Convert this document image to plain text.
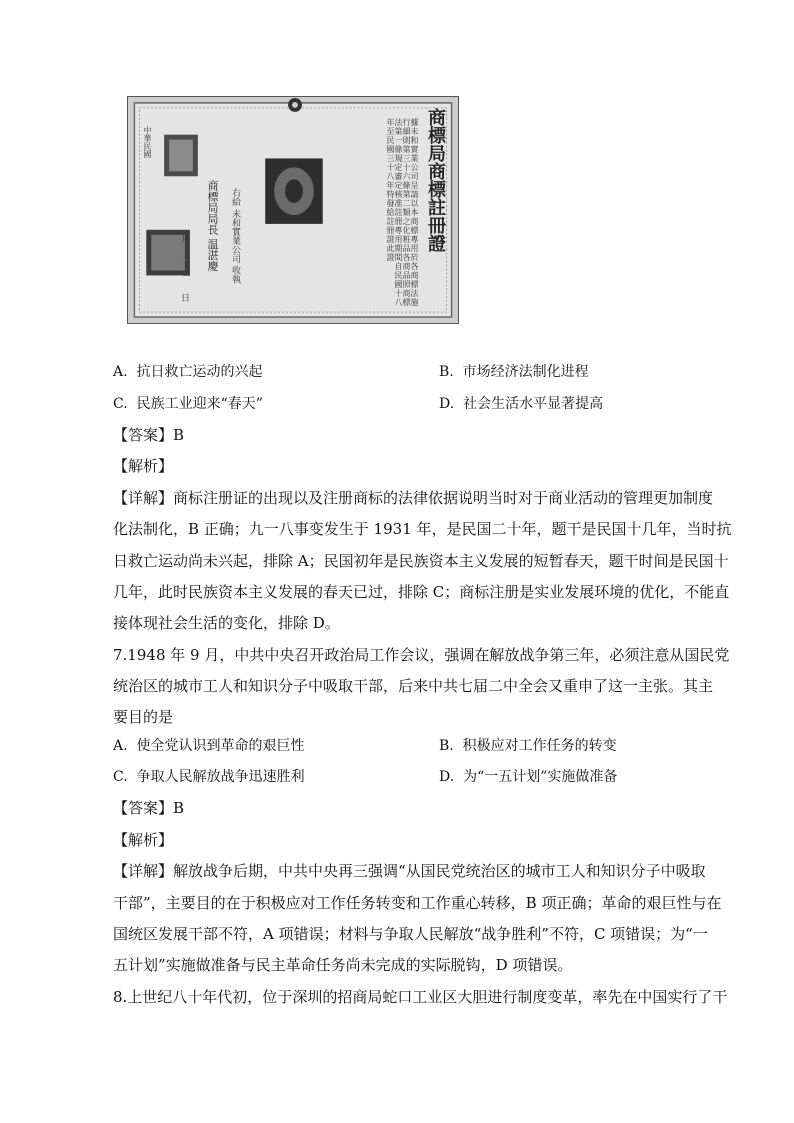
商標局商標註冊證
據未和實業公司呈請以本商標專用於各商標法施行細則第三十六條第二類之化粧品各商品照商標法第一條規定審定核准註冊專用期間自民國十八年至民國三十八年特發給註冊證此證
商標局局長 温湛慶 右給 未和實業公司 收執
中華民國
月
二十一
日
A. 抗日救亡运动的兴起	B. 市场经济法制化进程
C. 民族工业迎来“春天”	D. 社会生活水平显著提高
【答案】B
【解析】
【详解】商标注册证的出现以及注册商标的法律依据说明当时对于商业活动的管理更加制度
化法制化，B 正确；九一八事变发生于 1931 年，是民国二十年，题干是民国十几年，当时抗
日救亡运动尚未兴起，排除 A；民国初年是民族资本主义发展的短暂春天，题干时间是民国十
几年，此时民族资本主义发展的春天已过，排除 C；商标注册是实业发展环境的优化，不能直
接体现社会生活的变化，排除 D。
7.1948 年 9 月，中共中央召开政治局工作会议，强调在解放战争第三年，必须注意从国民党
统治区的城市工人和知识分子中吸取干部，后来中共七届二中全会又重申了这一主张。其主
要目的是
A. 使全党认识到革命的艰巨性	B. 积极应对工作任务的转变
C. 争取人民解放战争迅速胜利	D. 为“一五计划”实施做准备
【答案】B
【解析】
【详解】解放战争后期，中共中央再三强调“从国民党统治区的城市工人和知识分子中吸取
干部”，主要目的在于积极应对工作任务转变和工作重心转移，B 项正确；革命的艰巨性与在
国统区发展干部不符，A 项错误；材料与争取人民解放“战争胜利”不符，C 项错误；为“一
五计划”实施做准备与民主革命任务尚未完成的实际脱钩，D 项错误。
8.上世纪八十年代初，位于深圳的招商局蛇口工业区大胆进行制度变革，率先在中国实行了干
